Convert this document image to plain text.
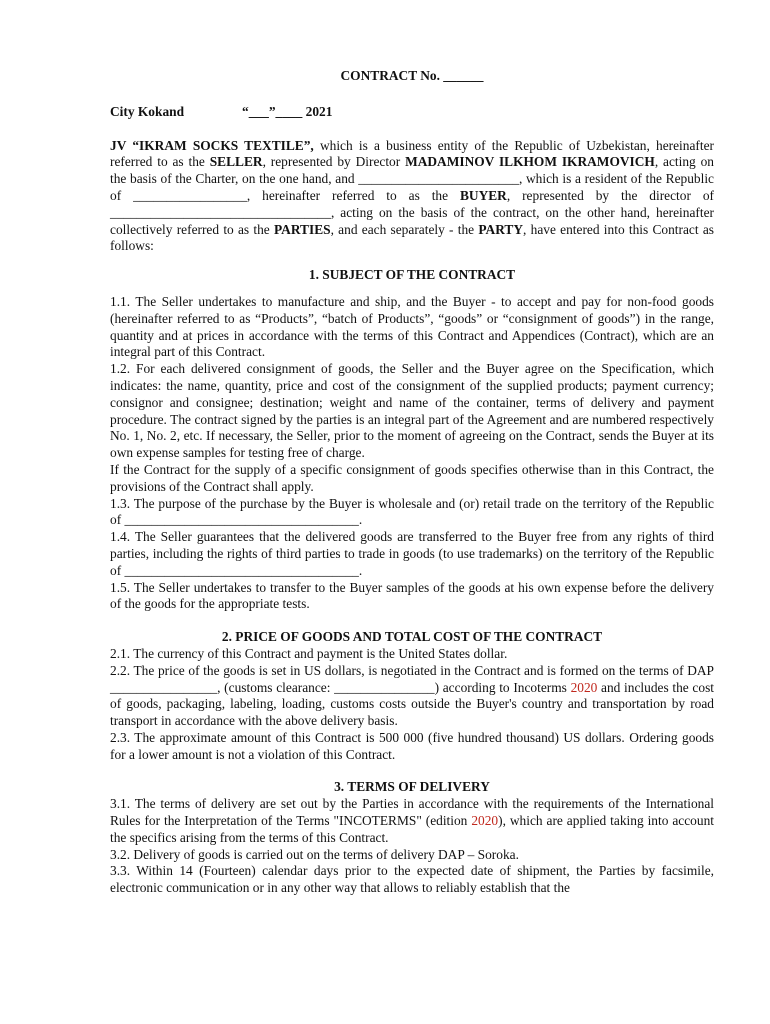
CONTRACT No. ______
City Kokand	“___”____ 2021

JV “IKRAM SOCKS TEXTILE”, which is a business entity of the Republic of Uzbekistan, hereinafter referred to as the SELLER, represented by Director MADAMINOV ILKHOM IKRAMOVICH, acting on the basis of the Charter, on the one hand, and ________________________, which is a resident of the Republic of _________________, hereinafter referred to as the BUYER, represented by the director of _________________________________, acting on the basis of the contract, on the other hand, hereinafter collectively referred to as the PARTIES, and each separately - the PARTY, have entered into this Contract as follows:

1. SUBJECT OF THE CONTRACT

1.1. The Seller undertakes to manufacture and ship, and the Buyer - to accept and pay for non-food goods (hereinafter referred to as “Products”, “batch of Products”, “goods” or “consignment of goods”) in the range, quantity and at prices in accordance with the terms of this Contract and Appendices (Contract), which are an integral part of this Contract.

1.2. For each delivered consignment of goods, the Seller and the Buyer agree on the Specification, which indicates: the name, quantity, price and cost of the consignment of the supplied products; payment currency; consignor and consignee; destination; weight and name of the container, terms of delivery and payment procedure. The contract signed by the parties is an integral part of the Agreement and are numbered respectively No. 1, No. 2, etc. If necessary, the Seller, prior to the moment of agreeing on the Contract, sends the Buyer at its own expense samples for testing free of charge.

If the Contract for the supply of a specific consignment of goods specifies otherwise than in this Contract, the provisions of the Contract shall apply.

1.3. The purpose of the purchase by the Buyer is wholesale and (or) retail trade on the territory of the Republic of ___________________________________.

1.4. The Seller guarantees that the delivered goods are transferred to the Buyer free from any rights of third parties, including the rights of third parties to trade in goods (to use trademarks) on the territory of the Republic of ___________________________________.

1.5. The Seller undertakes to transfer to the Buyer samples of the goods at his own expense before the delivery of the goods for the appropriate tests.

2. PRICE OF GOODS AND TOTAL COST OF THE CONTRACT

2.1. The currency of this Contract and payment is the United States dollar.

2.2. The price of the goods is set in US dollars, is negotiated in the Contract and is formed on the terms of DAP ________________, (customs clearance: _______________) according to Incoterms 2020 and includes the cost of goods, packaging, labeling, loading, customs costs outside the Buyer's country and transportation by road transport in accordance with the above delivery basis.

2.3. The approximate amount of this Contract is 500 000 (five hundred thousand) US dollars. Ordering goods for a lower amount is not a violation of this Contract.

3. TERMS OF DELIVERY

3.1. The terms of delivery are set out by the Parties in accordance with the requirements of the International Rules for the Interpretation of the Terms "INCOTERMS" (edition 2020), which are applied taking into account the specifics arising from the terms of this Contract.

3.2. Delivery of goods is carried out on the terms of delivery DAP – Soroka.

3.3. Within 14 (Fourteen) calendar days prior to the expected date of shipment, the Parties by facsimile, electronic communication or in any other way that allows to reliably establish that the
